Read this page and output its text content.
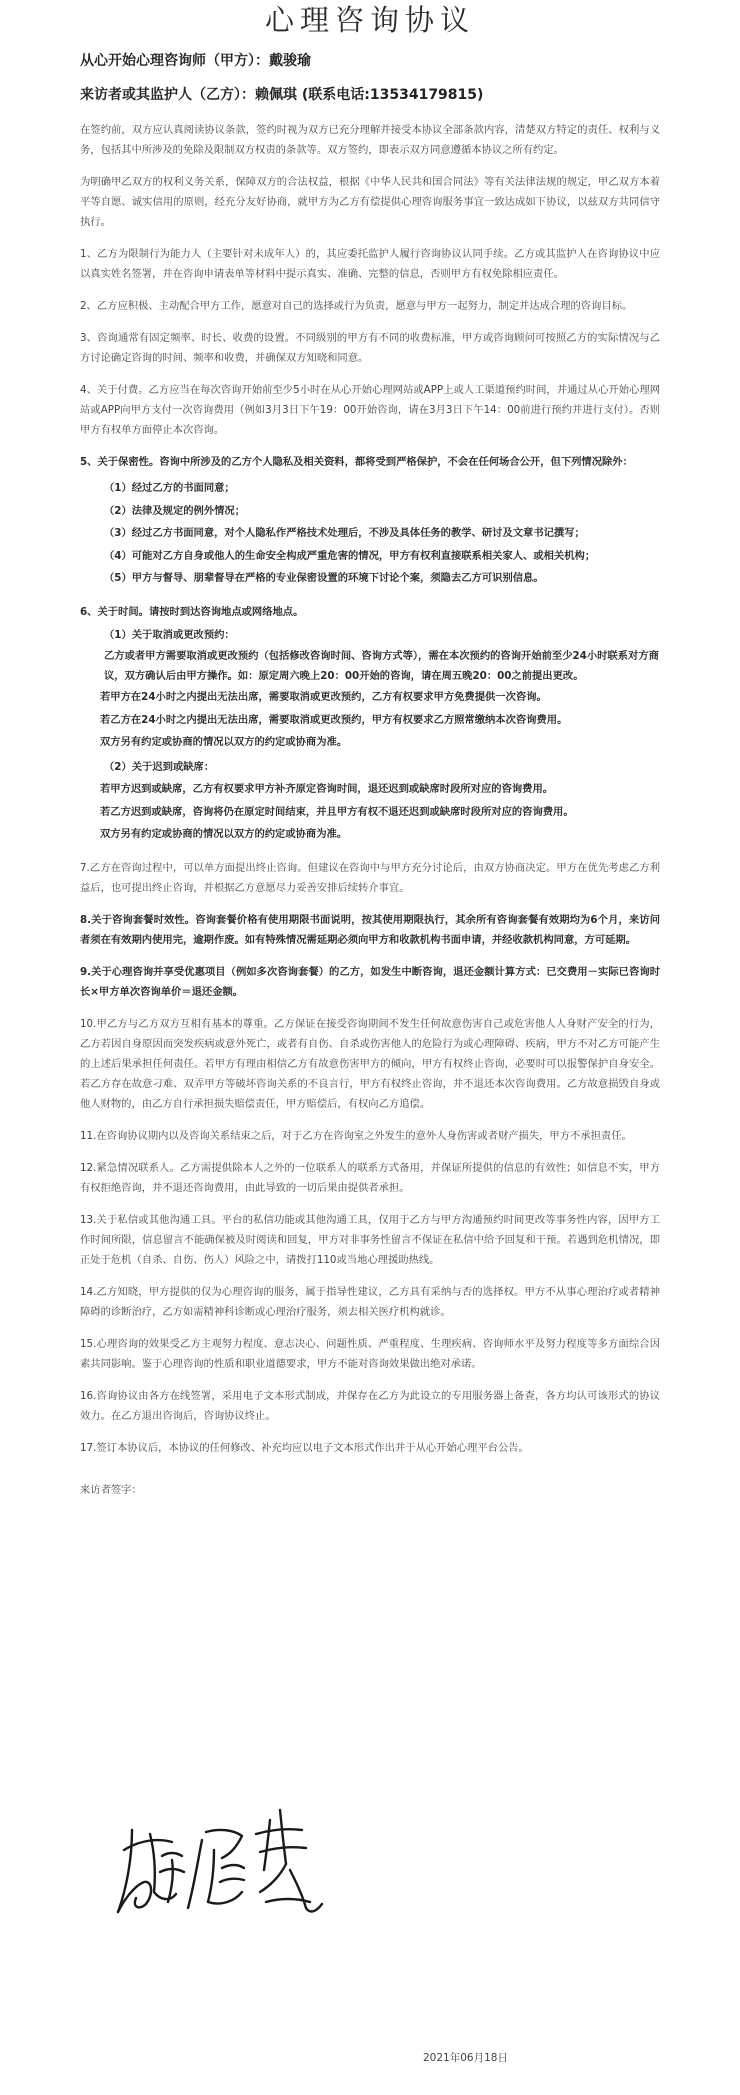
心理咨询协议

从心开始心理咨询师（甲方）：戴骏瑜

来访者或其监护人（乙方）：赖佩琪 (联系电话:13534179815)

在签约前，双方应认真阅读协议条款，签约时视为双方已充分理解并接受本协议全部条款内容，清楚双方特定的责任、权利与义务，包括其中所涉及的免除及限制双方权责的条款等。双方签约，即表示双方同意遵循本协议之所有约定。

为明确甲乙双方的权利义务关系，保障双方的合法权益，根据《中华人民共和国合同法》等有关法律法规的规定，甲乙双方本着平等自愿、诚实信用的原则，经充分友好协商，就甲方为乙方有偿提供心理咨询服务事宜一致达成如下协议，以兹双方共同信守执行。

1、乙方为限制行为能力人（主要针对未成年人）的，其应委托监护人履行咨询协议认同手续。乙方或其监护人在咨询协议中应以真实姓名签署，并在咨询申请表单等材料中提示真实、准确、完整的信息，否则甲方有权免除相应责任。

2、乙方应积极、主动配合甲方工作，愿意对自己的选择或行为负责，愿意与甲方一起努力，制定并达成合理的咨询目标。

3、咨询通常有固定频率、时长、收费的设置。不同级别的甲方有不同的收费标准，甲方或咨询顾问可按照乙方的实际情况与乙方讨论确定咨询的时间、频率和收费，并确保双方知晓和同意。

4、关于付费。乙方应当在每次咨询开始前至少5小时在从心开始心理网站或APP上或人工渠道预约时间，并通过从心开始心理网站或APP向甲方支付一次咨询费用（例如3月3日下午19：00开始咨询，请在3月3日下午14：00前进行预约并进行支付）。否则甲方有权单方面停止本次咨询。

5、关于保密性。咨询中所涉及的乙方个人隐私及相关资料，都将受到严格保护，不会在任何场合公开，但下列情况除外：

（1）经过乙方的书面同意；

（2）法律及规定的例外情况；

（3）经过乙方书面同意，对个人隐私作严格技术处理后，不涉及具体任务的教学、研讨及文章书记撰写；

（4）可能对乙方自身或他人的生命安全构成严重危害的情况，甲方有权利直接联系相关家人、或相关机构；

（5）甲方与督导、朋辈督导在严格的专业保密设置的环境下讨论个案，须隐去乙方可识别信息。

6、关于时间。请按时到达咨询地点或网络地点。

（1）关于取消或更改预约：

乙方或者甲方需要取消或更改预约（包括修改咨询时间、咨询方式等），需在本次预约的咨询开始前至少24小时联系对方商议，双方确认后由甲方操作。如：原定周六晚上20：00开始的咨询，请在周五晚20：00之前提出更改。

若甲方在24小时之内提出无法出席，需要取消或更改预约，乙方有权要求甲方免费提供一次咨询。

若乙方在24小时之内提出无法出席，需要取消或更改预约，甲方有权要求乙方照常缴纳本次咨询费用。

双方另有约定或协商的情况以双方的约定或协商为准。

（2）关于迟到或缺席：

若甲方迟到或缺席，乙方有权要求甲方补齐原定咨询时间，退还迟到或缺席时段所对应的咨询费用。

若乙方迟到或缺席，咨询将仍在原定时间结束，并且甲方有权不退还迟到或缺席时段所对应的咨询费用。

双方另有约定或协商的情况以双方的约定或协商为准。

7.乙方在咨询过程中，可以单方面提出终止咨询。但建议在咨询中与甲方充分讨论后，由双方协商决定。甲方在优先考虑乙方利益后，也可提出终止咨询，并根据乙方意愿尽力妥善安排后续转介事宜。

8.关于咨询套餐时效性。咨询套餐价格有使用期限书面说明，按其使用期限执行，其余所有咨询套餐有效期均为6个月，来访问者须在有效期内使用完，逾期作废。如有特殊情况需延期必须向甲方和收款机构书面申请，并经收款机构同意，方可延期。

9.关于心理咨询并享受优惠项目（例如多次咨询套餐）的乙方，如发生中断咨询，退还金额计算方式：已交费用－实际已咨询时长×甲方单次咨询单价＝退还金额。

10.甲乙方与乙方双方互相有基本的尊重。乙方保证在接受咨询期间不发生任何故意伤害自己或危害他人人身财产安全的行为，乙方若因自身原因而突发疾病或意外死亡，或者有自伤、自杀或伤害他人的危险行为或心理障碍、疾病，甲方不对乙方可能产生的上述后果承担任何责任。若甲方有理由相信乙方有故意伤害甲方的倾向，甲方有权终止咨询，必要时可以报警保护自身安全。若乙方存在故意刁难、双弄甲方等破坏咨询关系的不良言行，甲方有权终止咨询，并不退还本次咨询费用。乙方故意损毁自身或他人财物的，由乙方自行承担损失赔偿责任，甲方赔偿后，有权向乙方追偿。

11.在咨询协议期内以及咨询关系结束之后，对于乙方在咨询室之外发生的意外人身伤害或者财产损失，甲方不承担责任。

12.紧急情况联系人。乙方需提供除本人之外的一位联系人的联系方式备用，并保证所提供的信息的有效性；如信息不实，甲方有权拒绝咨询，并不退还咨询费用，由此导致的一切后果由提供者承担。

13.关于私信或其他沟通工具。平台的私信功能或其他沟通工具，仅用于乙方与甲方沟通预约时间更改等事务性内容，因甲方工作时间所限，信息留言不能确保被及时阅读和回复，甲方对非事务性留言不保证在私信中给予回复和干预。若遇到危机情况，即正处于危机（自杀、自伤、伤人）风险之中，请拨打110或当地心理援助热线。

14.乙方知晓，甲方提供的仅为心理咨询的服务，属于指导性建议，乙方具有采纳与否的选择权。甲方不从事心理治疗或者精神障碍的诊断治疗，乙方如需精神科诊断或心理治疗服务，须去相关医疗机构就诊。

15.心理咨询的效果受乙方主观努力程度、意志决心、问题性质、严重程度、生理疾病、咨询师水平及努力程度等多方面综合因素共同影响。鉴于心理咨询的性质和职业道德要求，甲方不能对咨询效果做出绝对承诺。

16.咨询协议由各方在线签署，采用电子文本形式制成，并保存在乙方为此设立的专用服务器上备查，各方均认可该形式的协议效力。在乙方退出咨询后，咨询协议终止。

17.签订本协议后，本协议的任何修改、补充均应以电子文本形式作出并于从心开始心理平台公告。

来访者签字：

2021年06月18日
